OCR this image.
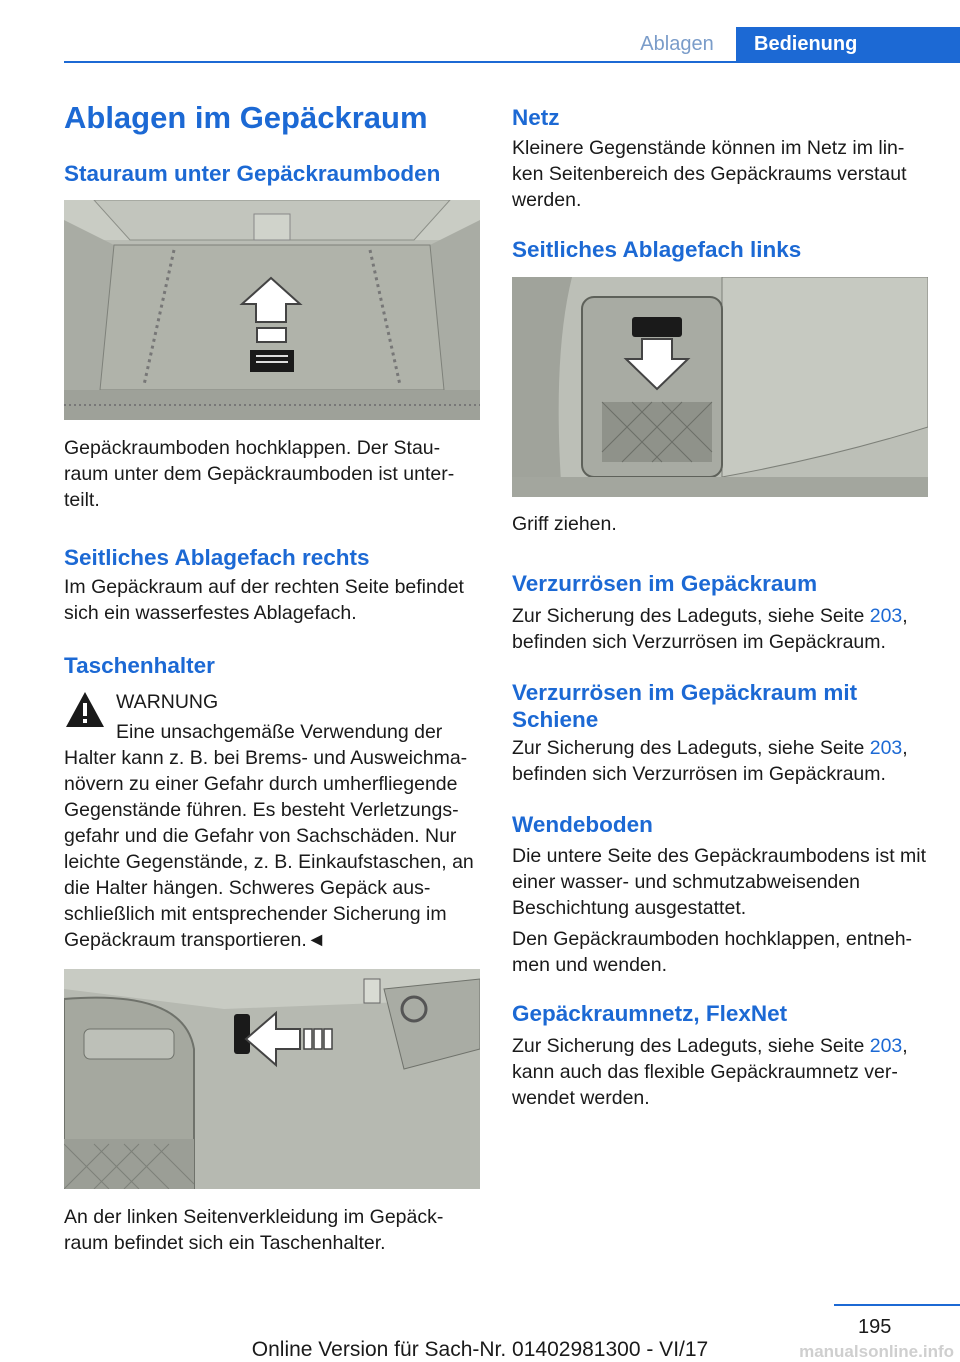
Ablagen	Bedienung
Ablagen im Gepäckraum
Stauraum unter Gepäckraumboden
Gepäckraumboden hochklappen. Der Stau-raum unter dem Gepäckraumboden ist unter-teilt.
Seitliches Ablagefach rechts
Im Gepäckraum auf der rechten Seite befindet sich ein wasserfestes Ablagefach.
Taschenhalter
WARNUNG
Eine unsachgemäße Verwendung der
Halter kann z. B. bei Brems- und Ausweichma-növern zu einer Gefahr durch umherfliegende Gegenstände führen. Es besteht Verletzungs-gefahr und die Gefahr von Sachschäden. Nur leichte Gegenstände, z. B. Einkaufstaschen, an die Halter hängen. Schweres Gepäck aus-schließlich mit entsprechender Sicherung im Gepäckraum transportieren.◄
An der linken Seitenverkleidung im Gepäck-raum befindet sich ein Taschenhalter.
Netz
Kleinere Gegenstände können im Netz im lin-ken Seitenbereich des Gepäckraums verstaut werden.
Seitliches Ablagefach links
Griff ziehen.
Verzurrösen im Gepäckraum
Zur Sicherung des Ladeguts, siehe Seite 203, befinden sich Verzurrösen im Gepäckraum.
Verzurrösen im Gepäckraum mit Schiene
Zur Sicherung des Ladeguts, siehe Seite 203, befinden sich Verzurrösen im Gepäckraum.
Wendeboden
Die untere Seite des Gepäckraumbodens ist mit einer wasser- und schmutzabweisenden Beschichtung ausgestattet.
Den Gepäckraumboden hochklappen, entneh-men und wenden.
Gepäckraumnetz, FlexNet
Zur Sicherung des Ladeguts, siehe Seite 203, kann auch das flexible Gepäckraumnetz ver-wendet werden.
195
Online Version für Sach-Nr. 01402981300 - VI/17	manualsonline.info
